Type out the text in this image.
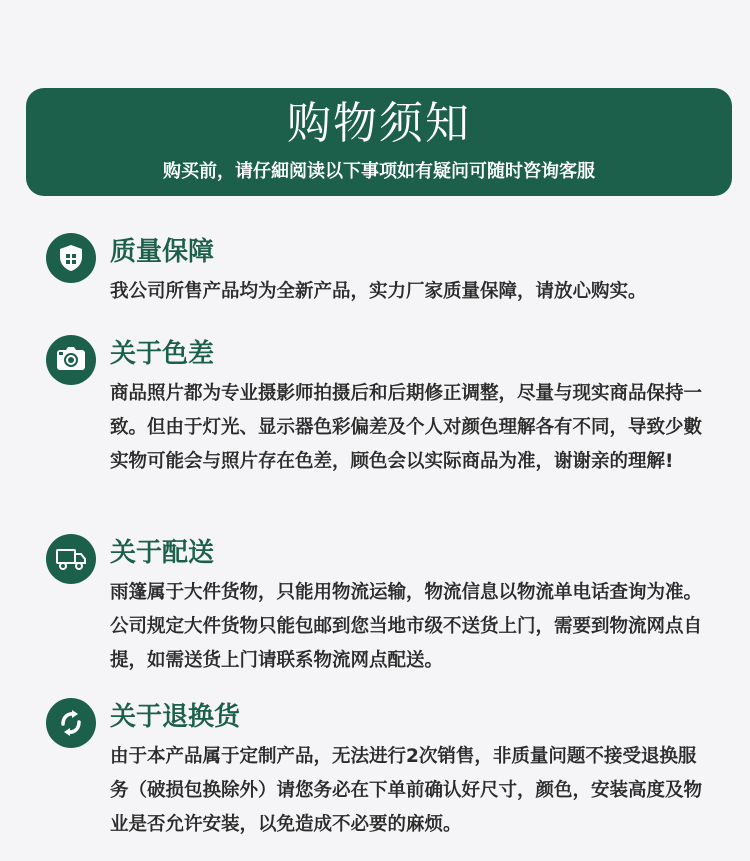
购物须知
购买前，请仔細阅读以下事项如有疑问可随时咨询客服
质量保障
我公司所售产品均为全新产品，实力厂家质量保障，请放心购实。
关于色差
商品照片都为专业摄影师拍摄后和后期修正调整，尽量与现实商品保持一致。但由于灯光、显示器色彩偏差及个人对颜色理解各有不同，导致少數实物可能会与照片存在色差，顾色会以实际商品为准，谢谢亲的理解!
关于配送
雨篷属于大件货物，只能用物流运输，物流信息以物流单电话查询为准。公司规定大件货物只能包邮到您当地市级不送货上门，需要到物流网点自提，如需送货上门请联系物流网点配送。
关于退换货
由于本产品属于定制产品，无法进行2次销售，非质量问题不接受退换服务（破损包换除外）请您务必在下单前确认好尺寸，颜色，安装高度及物业是否允许安装，以免造成不必要的麻烦。
